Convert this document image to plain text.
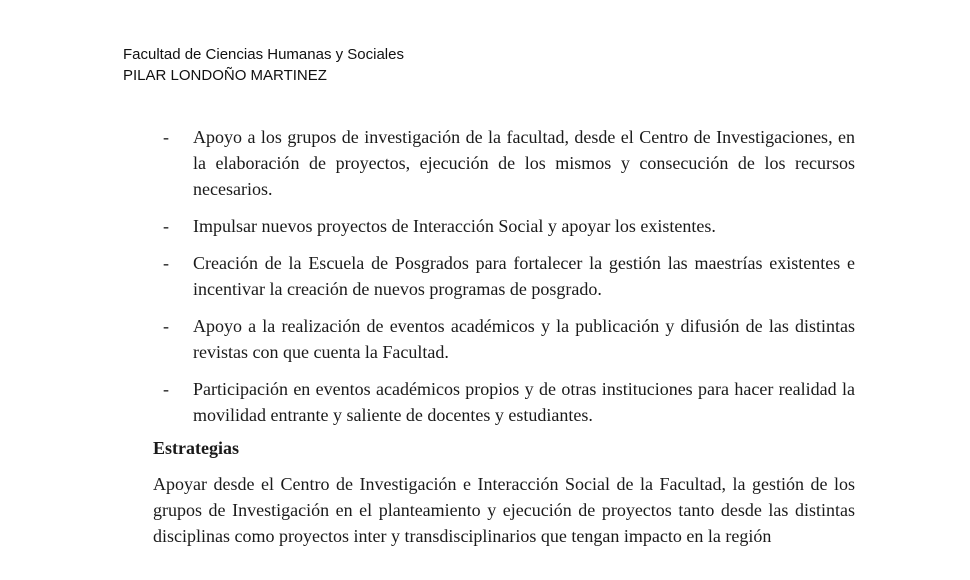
Facultad de Ciencias Humanas y Sociales
PILAR LONDOÑO MARTINEZ
- Apoyo a los grupos de investigación de la facultad, desde el Centro de Investigaciones, en la elaboración de proyectos, ejecución de los mismos y consecución de los recursos necesarios.
- Impulsar nuevos proyectos de Interacción Social y apoyar los existentes.
- Creación de la Escuela de Posgrados para fortalecer la gestión las maestrías existentes e incentivar la creación de nuevos programas de posgrado.
- Apoyo a la realización de eventos académicos y la publicación y difusión de las distintas revistas con que cuenta la Facultad.
- Participación en eventos académicos propios y de otras instituciones para hacer realidad la movilidad entrante y saliente de docentes y estudiantes.
Estrategias

Apoyar desde el Centro de Investigación e Interacción Social de la Facultad, la gestión de los grupos de Investigación en el planteamiento y ejecución de proyectos tanto desde las distintas disciplinas como proyectos inter y transdisciplinarios que tengan impacto en la región
